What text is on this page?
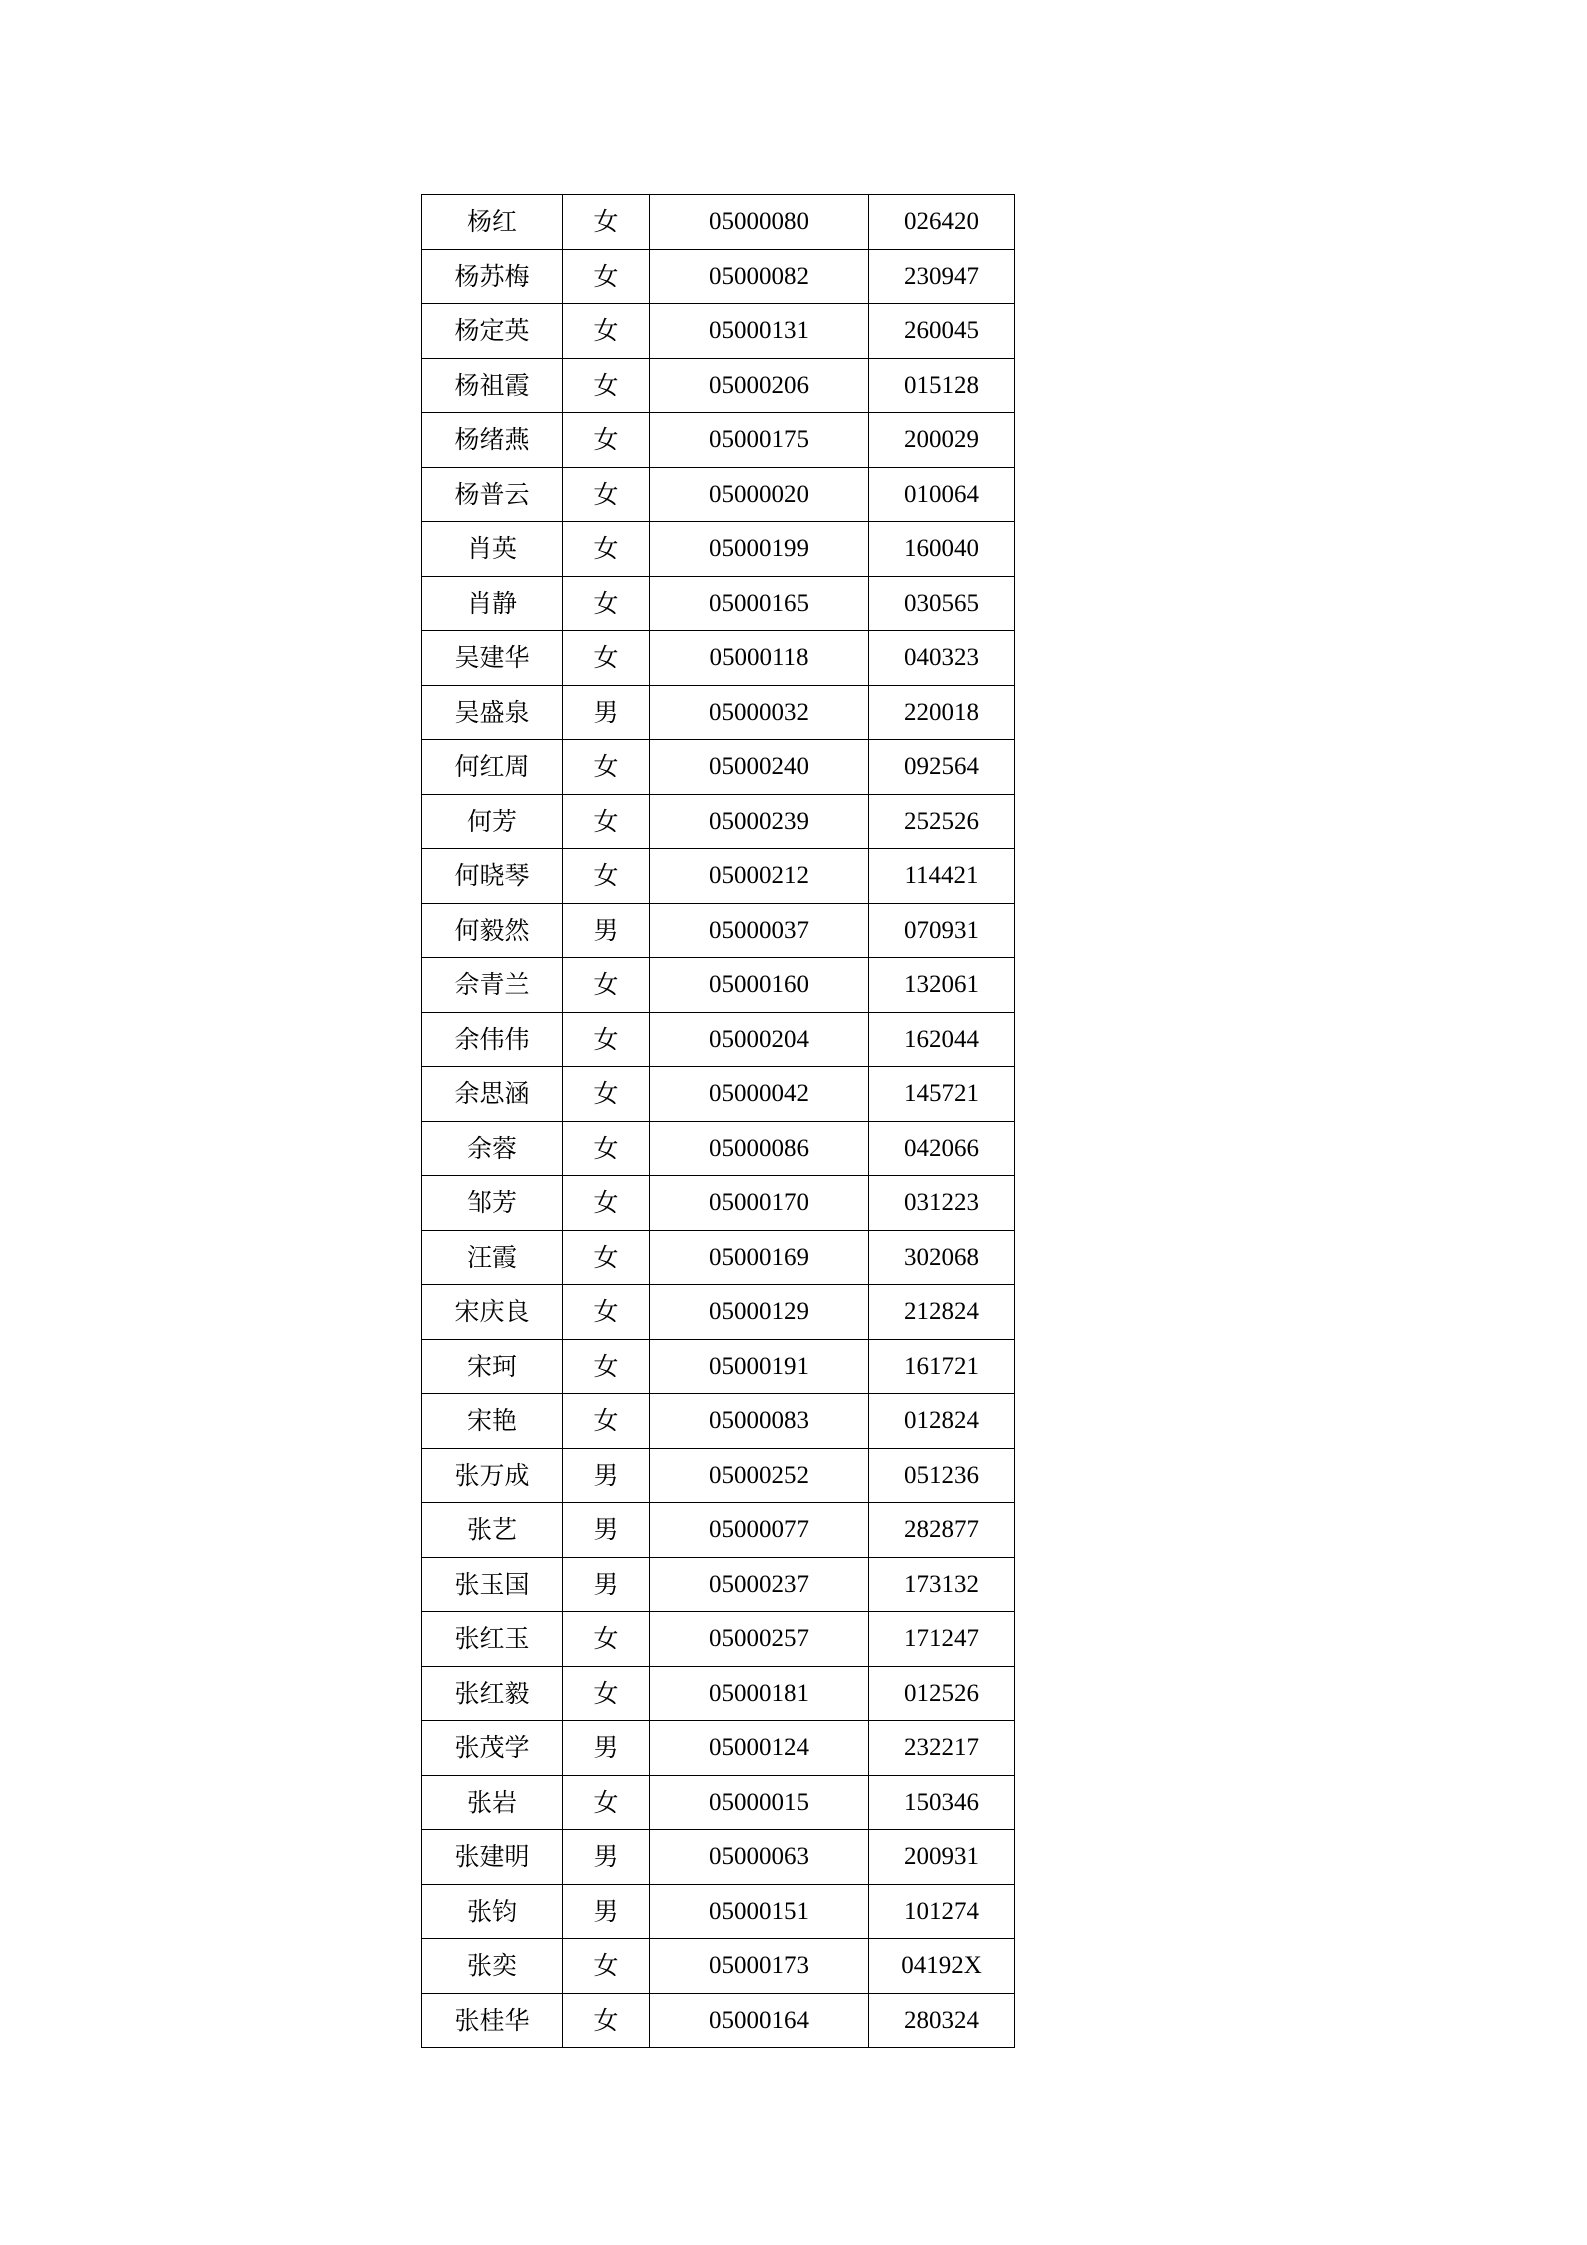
杨红	女	05000080	026420
杨苏梅	女	05000082	230947
杨定英	女	05000131	260045
杨祖霞	女	05000206	015128
杨绪燕	女	05000175	200029
杨普云	女	05000020	010064
肖英	女	05000199	160040
肖静	女	05000165	030565
吴建华	女	05000118	040323
吴盛泉	男	05000032	220018
何红周	女	05000240	092564
何芳	女	05000239	252526
何晓琴	女	05000212	114421
何毅然	男	05000037	070931
佘青兰	女	05000160	132061
余伟伟	女	05000204	162044
余思涵	女	05000042	145721
余蓉	女	05000086	042066
邹芳	女	05000170	031223
汪霞	女	05000169	302068
宋庆良	女	05000129	212824
宋珂	女	05000191	161721
宋艳	女	05000083	012824
张万成	男	05000252	051236
张艺	男	05000077	282877
张玉国	男	05000237	173132
张红玉	女	05000257	171247
张红毅	女	05000181	012526
张茂学	男	05000124	232217
张岩	女	05000015	150346
张建明	男	05000063	200931
张钧	男	05000151	101274
张奕	女	05000173	04192X
张桂华	女	05000164	280324
